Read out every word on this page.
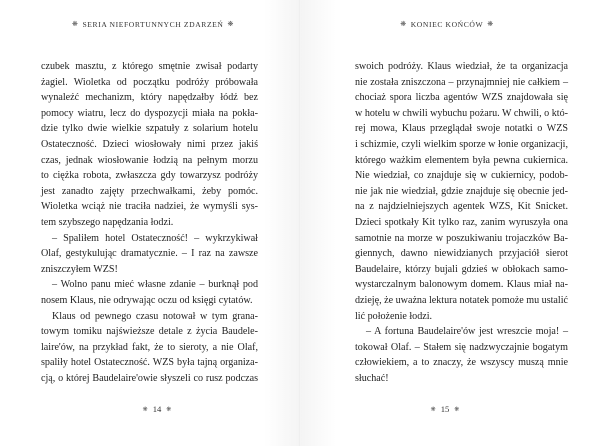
❋ SERIA NIEFORTUNNYCH ZDARZEŃ ❋
czubek masztu, z którego smętnie zwisał podarty
żagiel. Wioletka od początku podróży próbowała
wynaleźć mechanizm, który napędzałby łódź bez
pomocy wiatru, lecz do dyspozycji miała na pokła-
dzie tylko dwie wielkie szpatuły z solarium hotelu
Ostateczność. Dzieci wiosłowały nimi przez jakiś
czas, jednak wiosłowanie łodzią na pełnym morzu
to ciężka robota, zwłaszcza gdy towarzysz podróży
jest zanadto zajęty przechwałkami, żeby pomóc.
Wioletka wciąż nie traciła nadziei, że wymyśli sys-
tem szybszego napędzania łodzi.
– Spaliłem hotel Ostateczność! – wykrzykiwał
Olaf, gestykulując dramatycznie. – I raz na zawsze
zniszczyłem WZS!
– Wolno panu mieć własne zdanie – burknął pod
nosem Klaus, nie odrywając oczu od księgi cytatów.
Klaus od pewnego czasu notował w tym grana-
towym tomiku najświeższe detale z życia Baudele-
laire'ów, na przykład fakt, że to sieroty, a nie Olaf,
spaliły hotel Ostateczność. WZS była tajną organiza-
cją, o której Baudelaire'owie słyszeli co rusz podczas
❋ 14 ❋
❋ KONIEC KOŃCÓW ❋
swoich podróży. Klaus wiedział, że ta organizacja
nie została zniszczona – przynajmniej nie całkiem –
chociaż spora liczba agentów WZS znajdowała się
w hotelu w chwili wybuchu pożaru. W chwili, o któ-
rej mowa, Klaus przeglądał swoje notatki o WZS
i schizmie, czyli wielkim sporze w łonie organizacji,
którego ważkim elementem była pewna cukiernica.
Nie wiedział, co znajduje się w cukiernicy, podob-
nie jak nie wiedział, gdzie znajduje się obecnie jed-
na z najdzielniejszych agentek WZS, Kit Snicket.
Dzieci spotkały Kit tylko raz, zanim wyruszyła ona
samotnie na morze w poszukiwaniu trojaczków Ba-
giennych, dawno niewidzianych przyjaciół sierot
Baudelaire, którzy bujali gdzieś w obłokach samo-
wystarczalnym balonowym domem. Klaus miał na-
dzieję, że uważna lektura notatek pomoże mu ustalić
lić położenie łodzi.
– A fortuna Baudelaire'ów jest wreszcie moja! –
tokował Olaf. – Stałem się nadzwyczajnie bogatym
człowiekiem, a to znaczy, że wszyscy muszą mnie
słuchać!
❋ 15 ❋
